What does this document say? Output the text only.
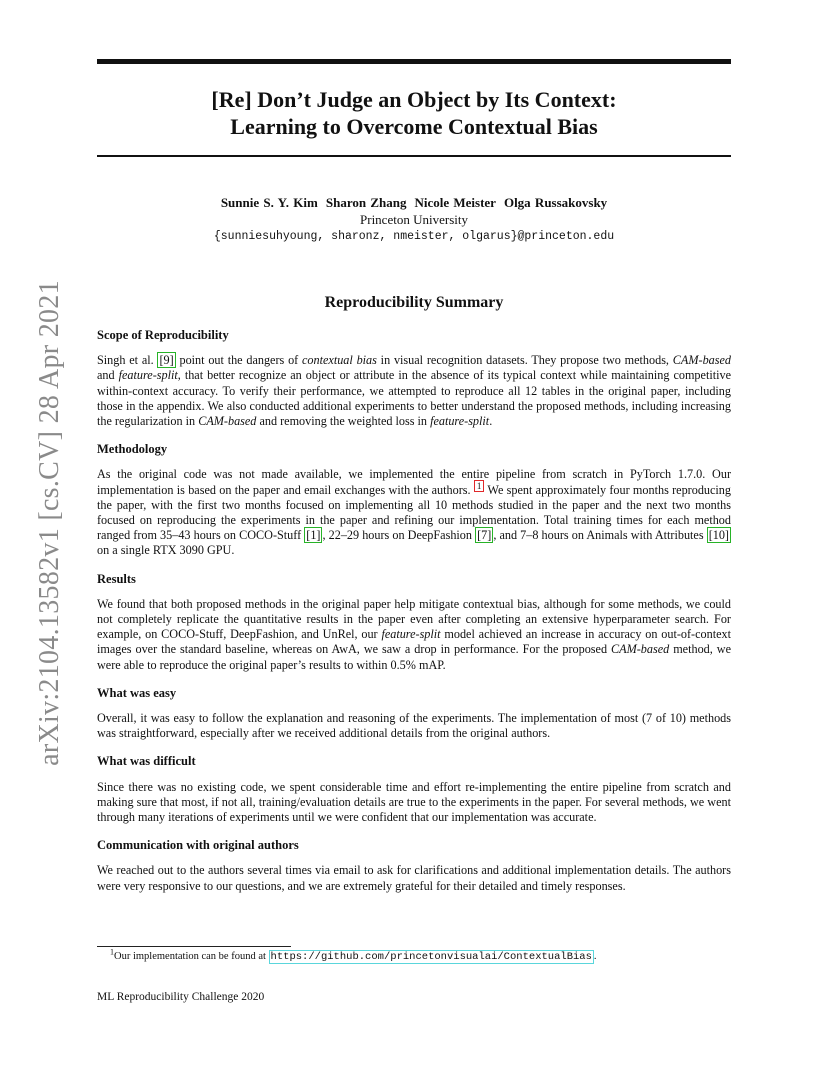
[Re] Don’t Judge an Object by Its Context:
Learning to Overcome Contextual Bias
Sunnie S. Y. Kim Sharon Zhang Nicole Meister Olga Russakovsky
Princeton University
{sunniesuhyoung, sharonz, nmeister, olgarus}@princeton.edu
arXiv:2104.13582v1 [cs.CV] 28 Apr 2021	Reproducibility Summary
Scope of Reproducibility

Singh et al. [9] point out the dangers of contextual bias in visual recognition datasets. They propose two methods, CAM-based and feature-split, that better recognize an object or attribute in the absence of its typical context while maintaining competitive within-context accuracy. To verify their performance, we attempted to reproduce all 12 tables in the original paper, including those in the appendix. We also conducted additional experiments to better understand the proposed methods, including increasing the regularization in CAM-based and removing the weighted loss in feature-split.

Methodology

As the original code was not made available, we implemented the entire pipeline from scratch in PyTorch 1.7.0. Our implementation is based on the paper and email exchanges with the authors. $^1$ We spent approximately four months reproducing the paper, with the first two months focused on implementing all 10 methods studied in the paper and the next two months focused on reproducing the experiments in the paper and refining our implementation. Total training times for each method ranged from 35–43 hours on COCO-Stuff [1] , 22–29 hours on DeepFashion [7] , and 7–8 hours on Animals with Attributes [10] on a single RTX 3090 GPU.

Results

We found that both proposed methods in the original paper help mitigate contextual bias, although for some methods, we could not completely replicate the quantitative results in the paper even after completing an extensive hyperparameter search. For example, on COCO-Stuff, DeepFashion, and UnRel, our feature-split model achieved an increase in accuracy on out-of-context images over the standard baseline, whereas on AwA, we saw a drop in performance. For the proposed CAM-based method, we were able to reproduce the original paper’s results to within 0.5% mAP.

What was easy

Overall, it was easy to follow the explanation and reasoning of the experiments. The implementation of most (7 of 10) methods was straightforward, especially after we received additional details from the original authors.

What was difficult

Since there was no existing code, we spent considerable time and effort re-implementing the entire pipeline from scratch and making sure that most, if not all, training/evaluation details are true to the experiments in the paper. For several methods, we went through many iterations of experiments until we were confident that our implementation was accurate.

Communication with original authors

We reached out to the authors several times via email to ask for clarifications and additional implementation details. The authors were very responsive to our questions, and we are extremely grateful for their detailed and timely responses.

$^1$Our implementation can be found at https://github.com/princetonvisualai/ContextualBias .
ML Reproducibility Challenge 2020
